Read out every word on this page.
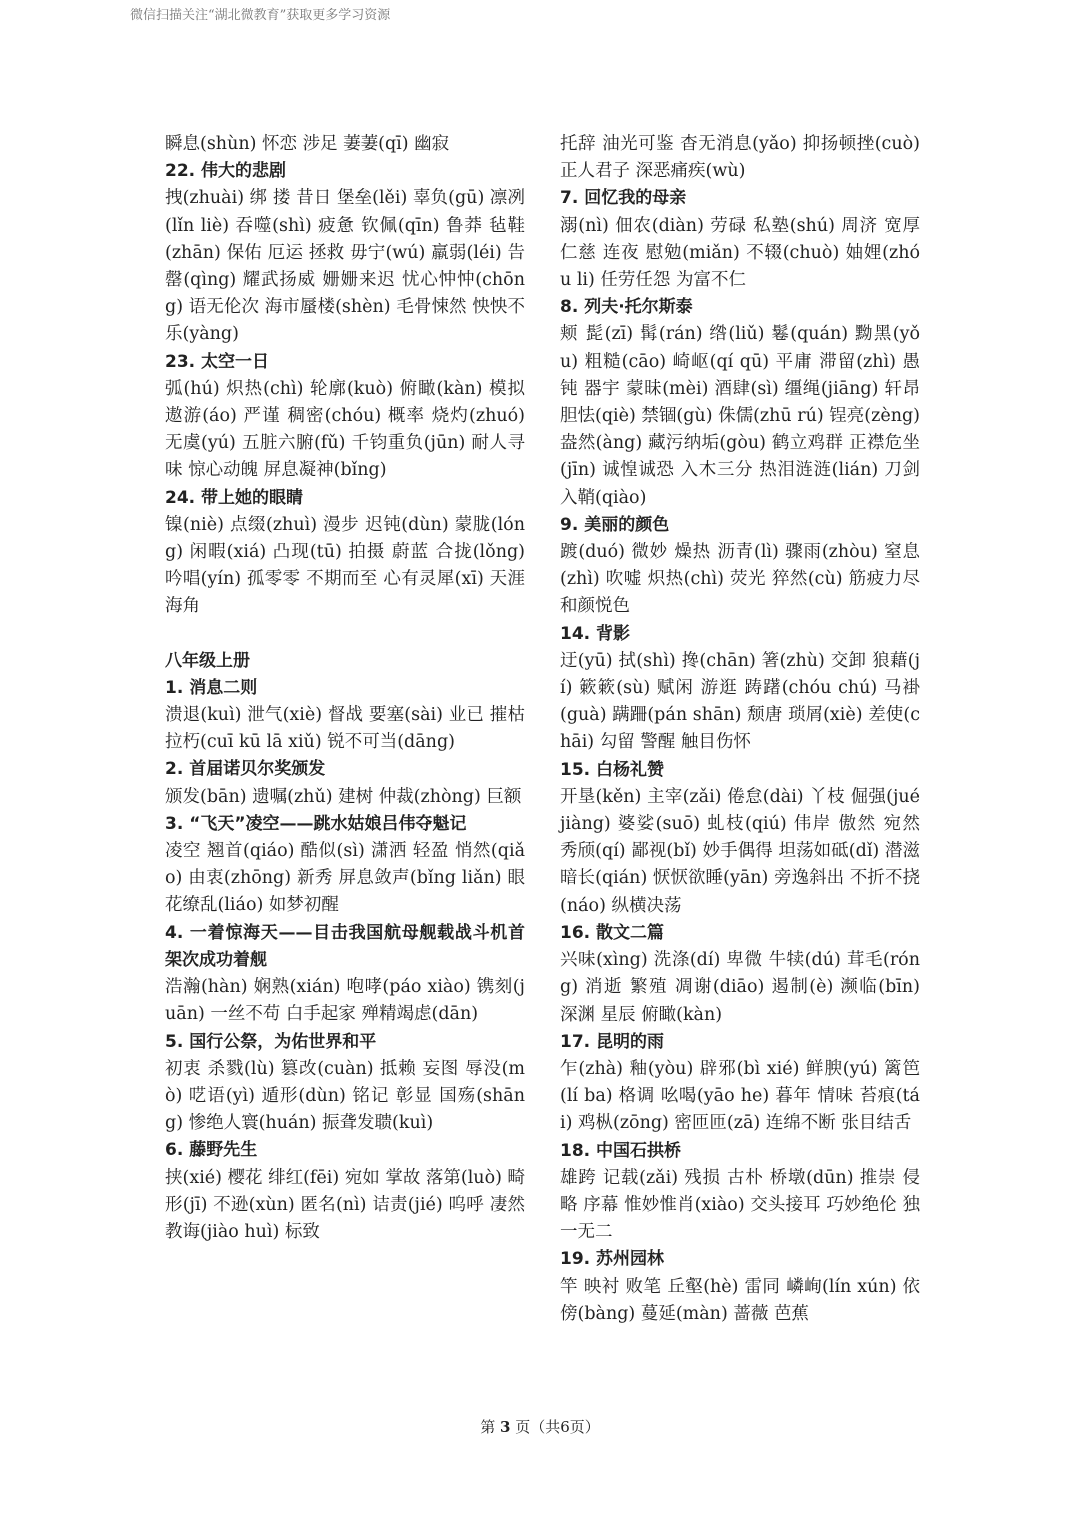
微信扫描关注“湖北微教育”获取更多学习资源
瞬息(shùn) 怀恋 涉足 萋萋(qī) 幽寂
22. 伟大的悲剧
拽(zhuài) 绑 搂 昔日 堡垒(lěi) 辜负(gū) 凛冽(lǐn liè) 吞噬(shì) 疲惫 钦佩(qīn) 鲁莽 毡鞋(zhān) 保佑 厄运 拯救 毋宁(wú) 羸弱(léi) 告罄(qìng) 耀武扬威 姗姗来迟 忧心忡忡(chōng) 语无伦次 海市蜃楼(shèn) 毛骨悚然 怏怏不乐(yàng)
23. 太空一日
弧(hú) 炽热(chì) 轮廓(kuò) 俯瞰(kàn) 模拟 遨游(áo) 严谨 稠密(chóu) 概率 烧灼(zhuó) 无虞(yú) 五脏六腑(fǔ) 千钧重负(jūn) 耐人寻味 惊心动魄 屏息凝神(bǐng)
24. 带上她的眼睛
镍(niè) 点缀(zhuì) 漫步 迟钝(dùn) 蒙胧(lóng) 闲暇(xiá) 凸现(tū) 拍摄 蔚蓝 合拢(lǒng) 吟唱(yín) 孤零零 不期而至 心有灵犀(xī) 天涯海角
八年级上册
1. 消息二则
溃退(kuì) 泄气(xiè) 督战 要塞(sài) 业已 摧枯拉朽(cuī kū lā xiǔ) 锐不可当(dāng)
2. 首届诺贝尔奖颁发
颁发(bān) 遗嘱(zhǔ) 建树 仲裁(zhòng) 巨额
3. “飞天”凌空——跳水姑娘吕伟夺魁记
凌空 翘首(qiáo) 酷似(sì) 潇洒 轻盈 悄然(qiǎo) 由衷(zhōng) 新秀 屏息敛声(bǐng liǎn) 眼花缭乱(liáo) 如梦初醒
4. 一着惊海天——目击我国航母舰载战斗机首架次成功着舰
浩瀚(hàn) 娴熟(xián) 咆哮(páo xiào) 镌刻(juān) 一丝不苟 白手起家 殚精竭虑(dān)
5. 国行公祭，为佑世界和平
初衷 杀戮(lù) 篡改(cuàn) 抵赖 妄图 辱没(mò) 呓语(yì) 遁形(dùn) 铭记 彰显 国殇(shāng) 惨绝人寰(huán) 振聋发聩(kuì)
6. 藤野先生
挟(xié) 樱花 绯红(fēi) 宛如 掌故 落第(luò) 畸形(jī) 不逊(xùn) 匿名(nì) 诘责(jié) 呜呼 凄然 教诲(jiào huì) 标致
托辞 油光可鉴 杳无消息(yǎo) 抑扬顿挫(cuò) 正人君子 深恶痛疾(wù)
7. 回忆我的母亲
溺(nì) 佃农(diàn) 劳碌 私塾(shú) 周济 宽厚 仁慈 连夜 慰勉(miǎn) 不辍(chuò) 妯娌(zhóu li) 任劳任怨 为富不仁
8. 列夫·托尔斯泰
颊 髭(zī) 髯(rán) 绺(liǔ) 鬈(quán) 黝黑(yǒu) 粗糙(cāo) 崎岖(qí qū) 平庸 滞留(zhì) 愚钝 器宇 蒙昧(mèi) 酒肆(sì) 缰绳(jiāng) 轩昂 胆怯(qiè) 禁锢(gù) 侏儒(zhū rú) 锃亮(zèng) 盎然(àng) 藏污纳垢(gòu) 鹤立鸡群 正襟危坐(jīn) 诚惶诚恐 入木三分 热泪涟涟(lián) 刀剑入鞘(qiào)
9. 美丽的颜色
踱(duó) 微妙 燥热 沥青(lì) 骤雨(zhòu) 窒息(zhì) 吹嘘 炽热(chì) 荧光 猝然(cù) 筋疲力尽 和颜悦色
14. 背影
迂(yū) 拭(shì) 搀(chān) 箸(zhù) 交卸 狼藉(jí) 簌簌(sù) 赋闲 游逛 踌躇(chóu chú) 马褂(guà) 蹒跚(pán shān) 颓唐 琐屑(xiè) 差使(chāi) 勾留 警醒 触目伤怀
15. 白杨礼赞
开垦(kěn) 主宰(zǎi) 倦怠(dài) 丫枝 倔强(jué jiàng) 婆娑(suō) 虬枝(qiú) 伟岸 傲然 宛然 秀颀(qí) 鄙视(bǐ) 妙手偶得 坦荡如砥(dǐ) 潜滋暗长(qián) 恹恹欲睡(yān) 旁逸斜出 不折不挠(náo) 纵横决荡
16. 散文二篇
兴味(xìng) 洗涤(dí) 卑微 牛犊(dú) 茸毛(róng) 消逝 繁殖 凋谢(diāo) 遏制(è) 濒临(bīn) 深渊 星辰 俯瞰(kàn)
17. 昆明的雨
乍(zhà) 釉(yòu) 辟邪(bì xié) 鲜腴(yú) 篱笆(lí ba) 格调 吆喝(yāo he) 暮年 情味 苔痕(tái) 鸡枞(zōng) 密匝匝(zā) 连绵不断 张目结舌
18. 中国石拱桥
雄跨 记载(zǎi) 残损 古朴 桥墩(dūn) 推崇 侵略 序幕 惟妙惟肖(xiào) 交头接耳 巧妙绝伦 独一无二
19. 苏州园林
竿 映衬 败笔 丘壑(hè) 雷同 嶙峋(lín xún) 依傍(bàng) 蔓延(màn) 蔷薇 芭蕉
第 3 页（共6页）
